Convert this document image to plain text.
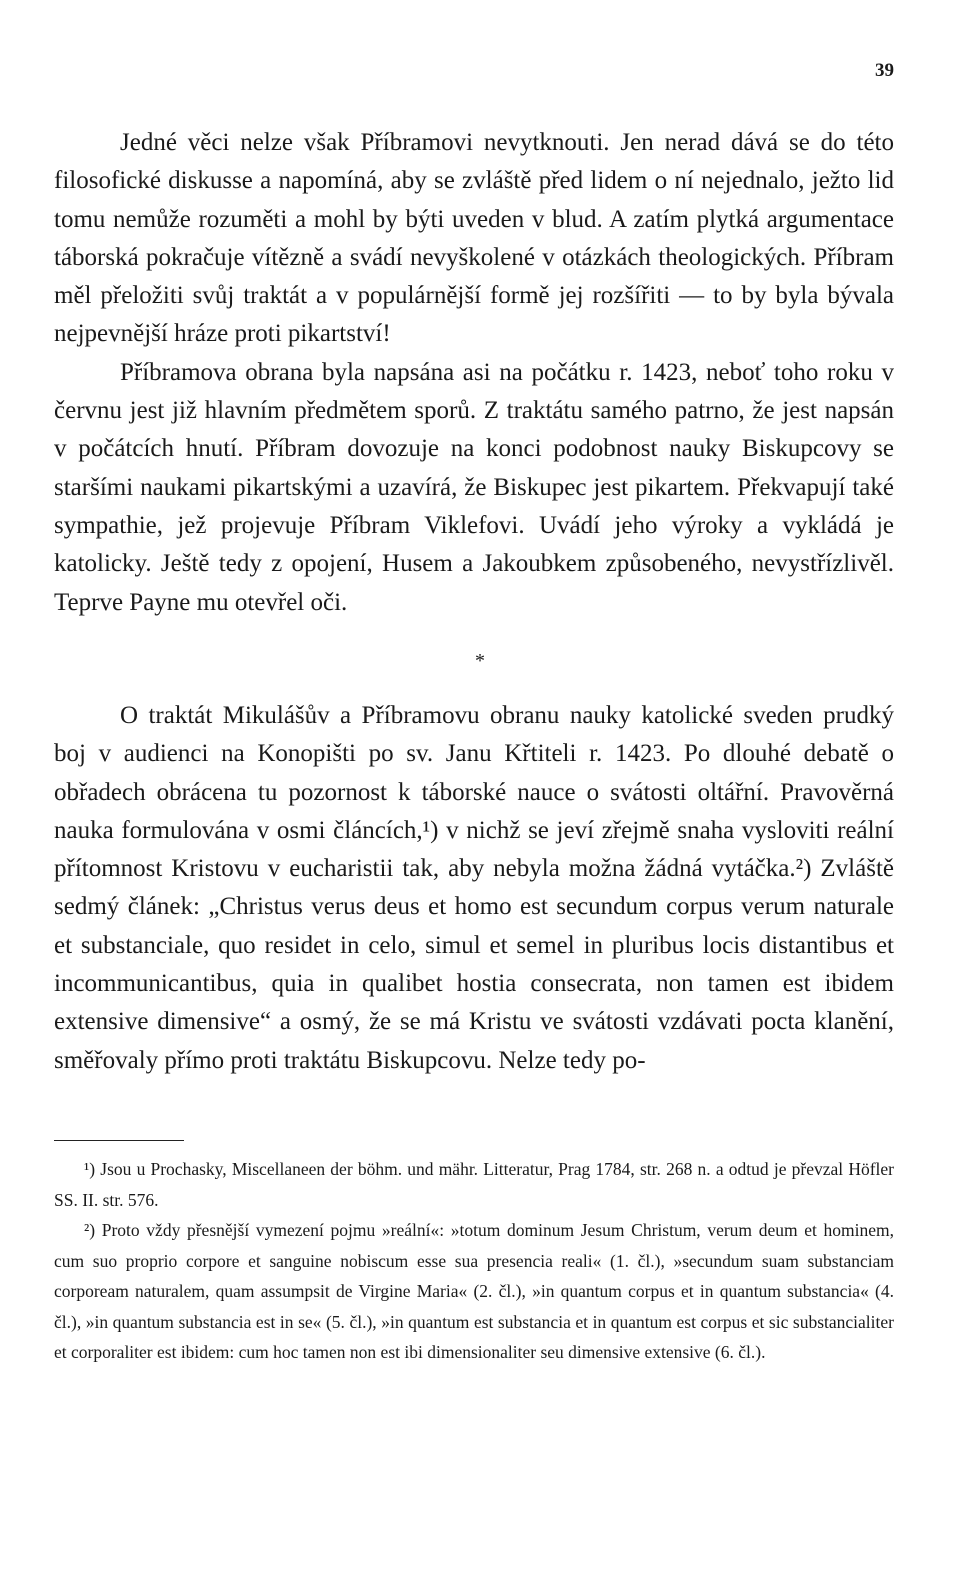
39

Jedné věci nelze však Příbramovi nevytknouti. Jen nerad dává se do této filosofické diskusse a napomíná, aby se zvláště před lidem o ní nejednalo, ježto lid tomu nemůže rozuměti a mohl by býti uveden v blud. A zatím plytká argumentace táborská pokračuje vítězně a svádí nevyškolené v otázkách theologických. Příbram měl přeložiti svůj traktát a v populárnější formě jej rozšířiti — to by byla bývala nejpevnější hráze proti pikartství!

Příbramova obrana byla napsána asi na počátku r. 1423, neboť toho roku v červnu jest již hlavním předmětem sporů. Z traktátu samého patrno, že jest napsán v počátcích hnutí. Příbram dovozuje na konci podobnost nauky Biskupcovy se staršími naukami pikartskými a uzavírá, že Biskupec jest pikartem. Překvapují také sympathie, jež projevuje Příbram Viklefovi. Uvádí jeho výroky a vykládá je katolicky. Ještě tedy z opojení, Husem a Jakoubkem způsobeného, nevystřízlivěl. Teprve Payne mu otevřel oči.

*

O traktát Mikulášův a Příbramovu obranu nauky katolické sveden prudký boj v audienci na Konopišti po sv. Janu Křtiteli r. 1423. Po dlouhé debatě o obřadech obrácena tu pozornost k táborské nauce o svátosti oltářní. Pravověrná nauka formulována v osmi článcích,¹) v nichž se jeví zřejmě snaha vysloviti reální přítomnost Kristovu v eucharistii tak, aby nebyla možna žádná vytáčka.²) Zvláště sedmý článek: „Christus verus deus et homo est secundum corpus verum naturale et substanciale, quo residet in celo, simul et semel in pluribus locis distantibus et incommunicantibus, quia in qualibet hostia consecrata, non tamen est ibidem extensive dimensive“ a osmý, že se má Kristu ve svátosti vzdávati pocta klanění, směřovaly přímo proti traktátu Biskupcovu. Nelze tedy po-

¹) Jsou u Prochasky, Miscellaneen der böhm. und mähr. Litteratur, Prag 1784, str. 268 n. a odtud je převzal Höfler SS. II. str. 576.

²) Proto vždy přesnější vymezení pojmu »reální«: »totum dominum Jesum Christum, verum deum et hominem, cum suo proprio corpore et sanguine nobiscum esse sua presencia reali« (1. čl.), »secundum suam substanciam corpoream naturalem, quam assumpsit de Virgine Maria« (2. čl.), »in quantum corpus et in quantum substancia« (4. čl.), »in quantum substancia est in se« (5. čl.), »in quantum est substancia et in quantum est corpus et sic substancialiter et corporaliter est ibidem: cum hoc tamen non est ibi dimensionaliter seu dimensive extensive (6. čl.).
